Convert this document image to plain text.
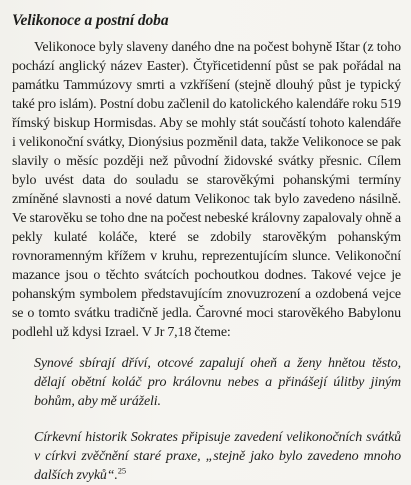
Velikonoce a postní doba

Velikonoce byly slaveny daného dne na počest bohyně Ištar (z toho pochází anglický název Easter). Čtyřicetidenní půst se pak pořádal na památku Tammúzovy smrti a vzkříšení (stejně dlouhý půst je typický také pro islám). Postní dobu začlenil do katolického kalendáře roku 519 římský biskup Hormisdas. Aby se mohly stát součástí tohoto kalendáře i velikonoční svátky, Dionýsius pozměnil data, takže Velikonoce se pak slavily o měsíc později než původní židovské svátky přesnic. Cílem bylo uvést data do souladu se starověkými pohanskými termíny zmíněné slavnosti a nové datum Velikonoc tak bylo zavedeno násilně. Ve starověku se toho dne na počest nebeské královny zapalovaly ohně a pekly kulaté koláče, které se zdobily starověkým pohanským rovnoramenným křížem v kruhu, reprezentujícím slunce. Velikonoční mazance jsou o těchto svátcích pochoutkou dodnes. Takové vejce je pohanským symbolem představujícím znovuzrození a ozdobená vejce se o tomto svátku tradičně jedla. Čarovné moci starověkého Babylonu podlehl už kdysi Izrael. V Jr 7,18 čteme:

Synové sbírají dříví, otcové zapalují oheň a ženy hnětou těsto, dělají obětní koláč pro královnu nebes a přinášejí úlitby jiným bohům, aby mě uráželi.

Církevní historik Sokrates připisuje zavedení velikonočních svátků v církvi zvěčnění staré praxe, „stejně jako bylo zavedeno mnoho dalších zvyků“.$^{25}$
